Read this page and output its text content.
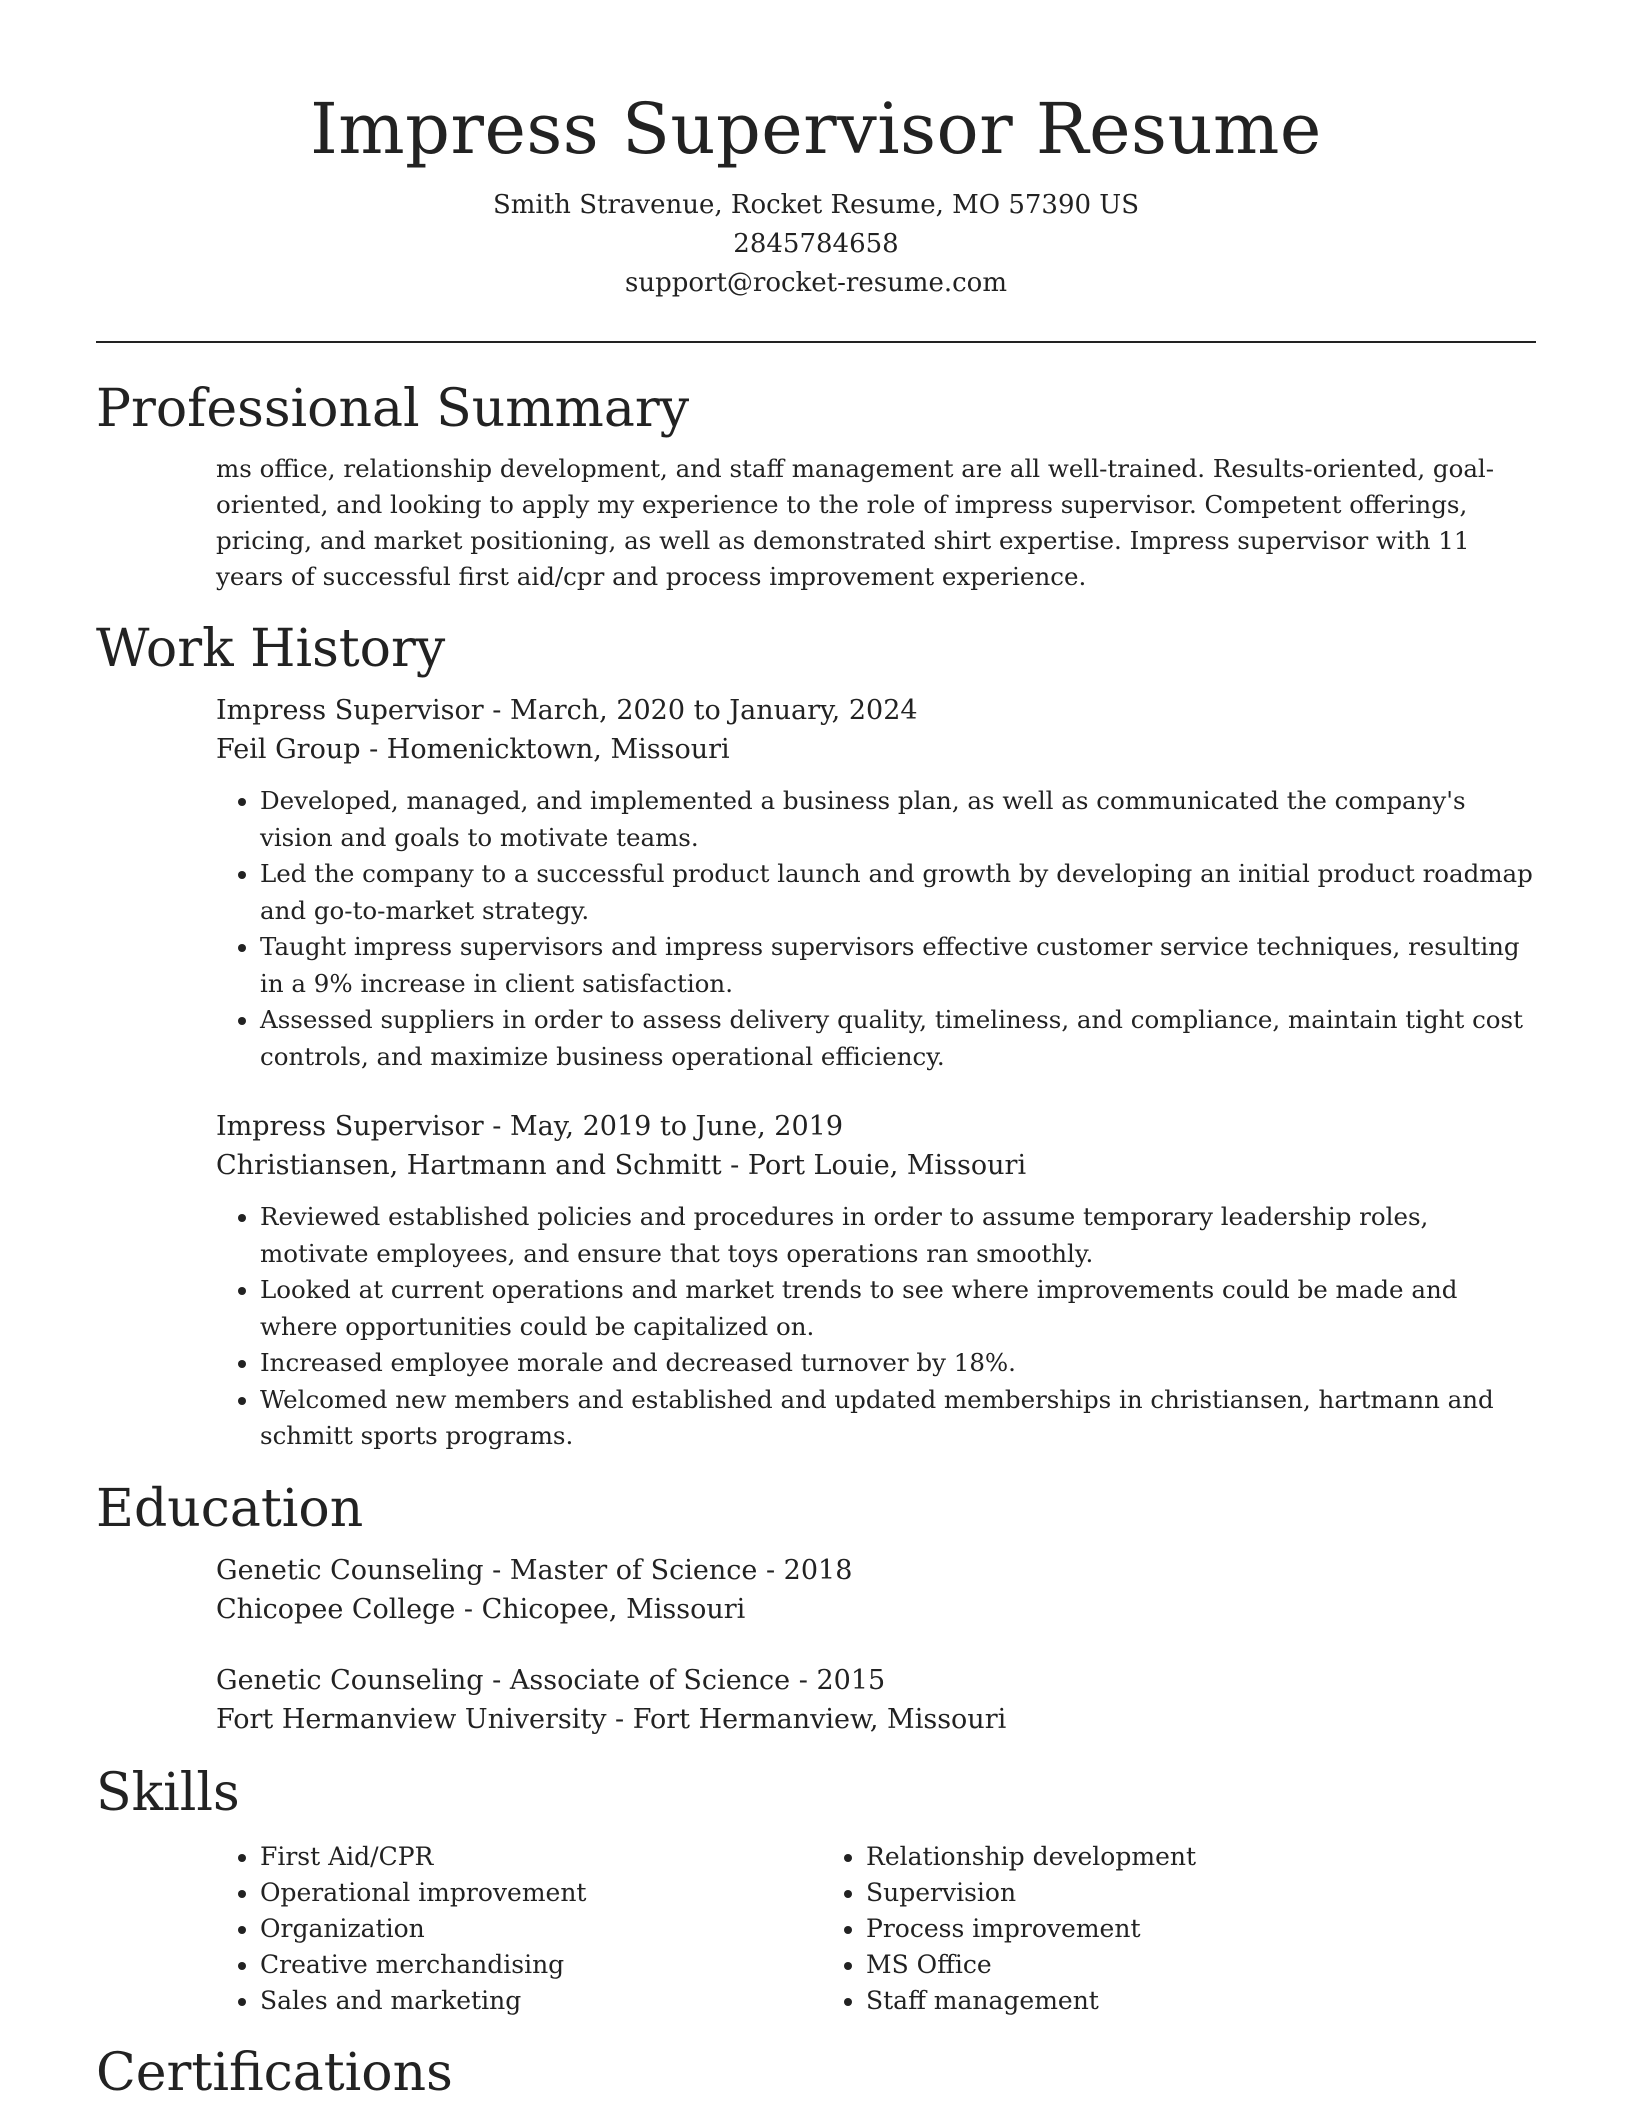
Impress Supervisor Resume
Smith Stravenue, Rocket Resume, MO 57390 US
2845784658
support@rocket-resume.com
Professional Summary
ms office, relationship development, and staff management are all well-trained. Results-oriented, goal-oriented, and looking to apply my experience to the role of impress supervisor. Competent offerings, pricing, and market positioning, as well as demonstrated shirt expertise. Impress supervisor with 11 years of successful first aid/cpr and process improvement experience.
Work History
Impress Supervisor - March, 2020 to January, 2024
Feil Group - Homenicktown, Missouri
• Developed, managed, and implemented a business plan, as well as communicated the company's vision and goals to motivate teams.
• Led the company to a successful product launch and growth by developing an initial product roadmap and go-to-market strategy.
• Taught impress supervisors and impress supervisors effective customer service techniques, resulting in a 9% increase in client satisfaction.
• Assessed suppliers in order to assess delivery quality, timeliness, and compliance, maintain tight cost controls, and maximize business operational efficiency.
Impress Supervisor - May, 2019 to June, 2019
Christiansen, Hartmann and Schmitt - Port Louie, Missouri
• Reviewed established policies and procedures in order to assume temporary leadership roles, motivate employees, and ensure that toys operations ran smoothly.
• Looked at current operations and market trends to see where improvements could be made and where opportunities could be capitalized on.
• Increased employee morale and decreased turnover by 18%.
• Welcomed new members and established and updated memberships in christiansen, hartmann and schmitt sports programs.
Education
Genetic Counseling - Master of Science - 2018
Chicopee College - Chicopee, Missouri
Genetic Counseling - Associate of Science - 2015
Fort Hermanview University - Fort Hermanview, Missouri
Skills
• First Aid/CPR
• Operational improvement
• Organization
• Creative merchandising
• Sales and marketing
• Relationship development
• Supervision
• Process improvement
• MS Office
• Staff management
Certifications
